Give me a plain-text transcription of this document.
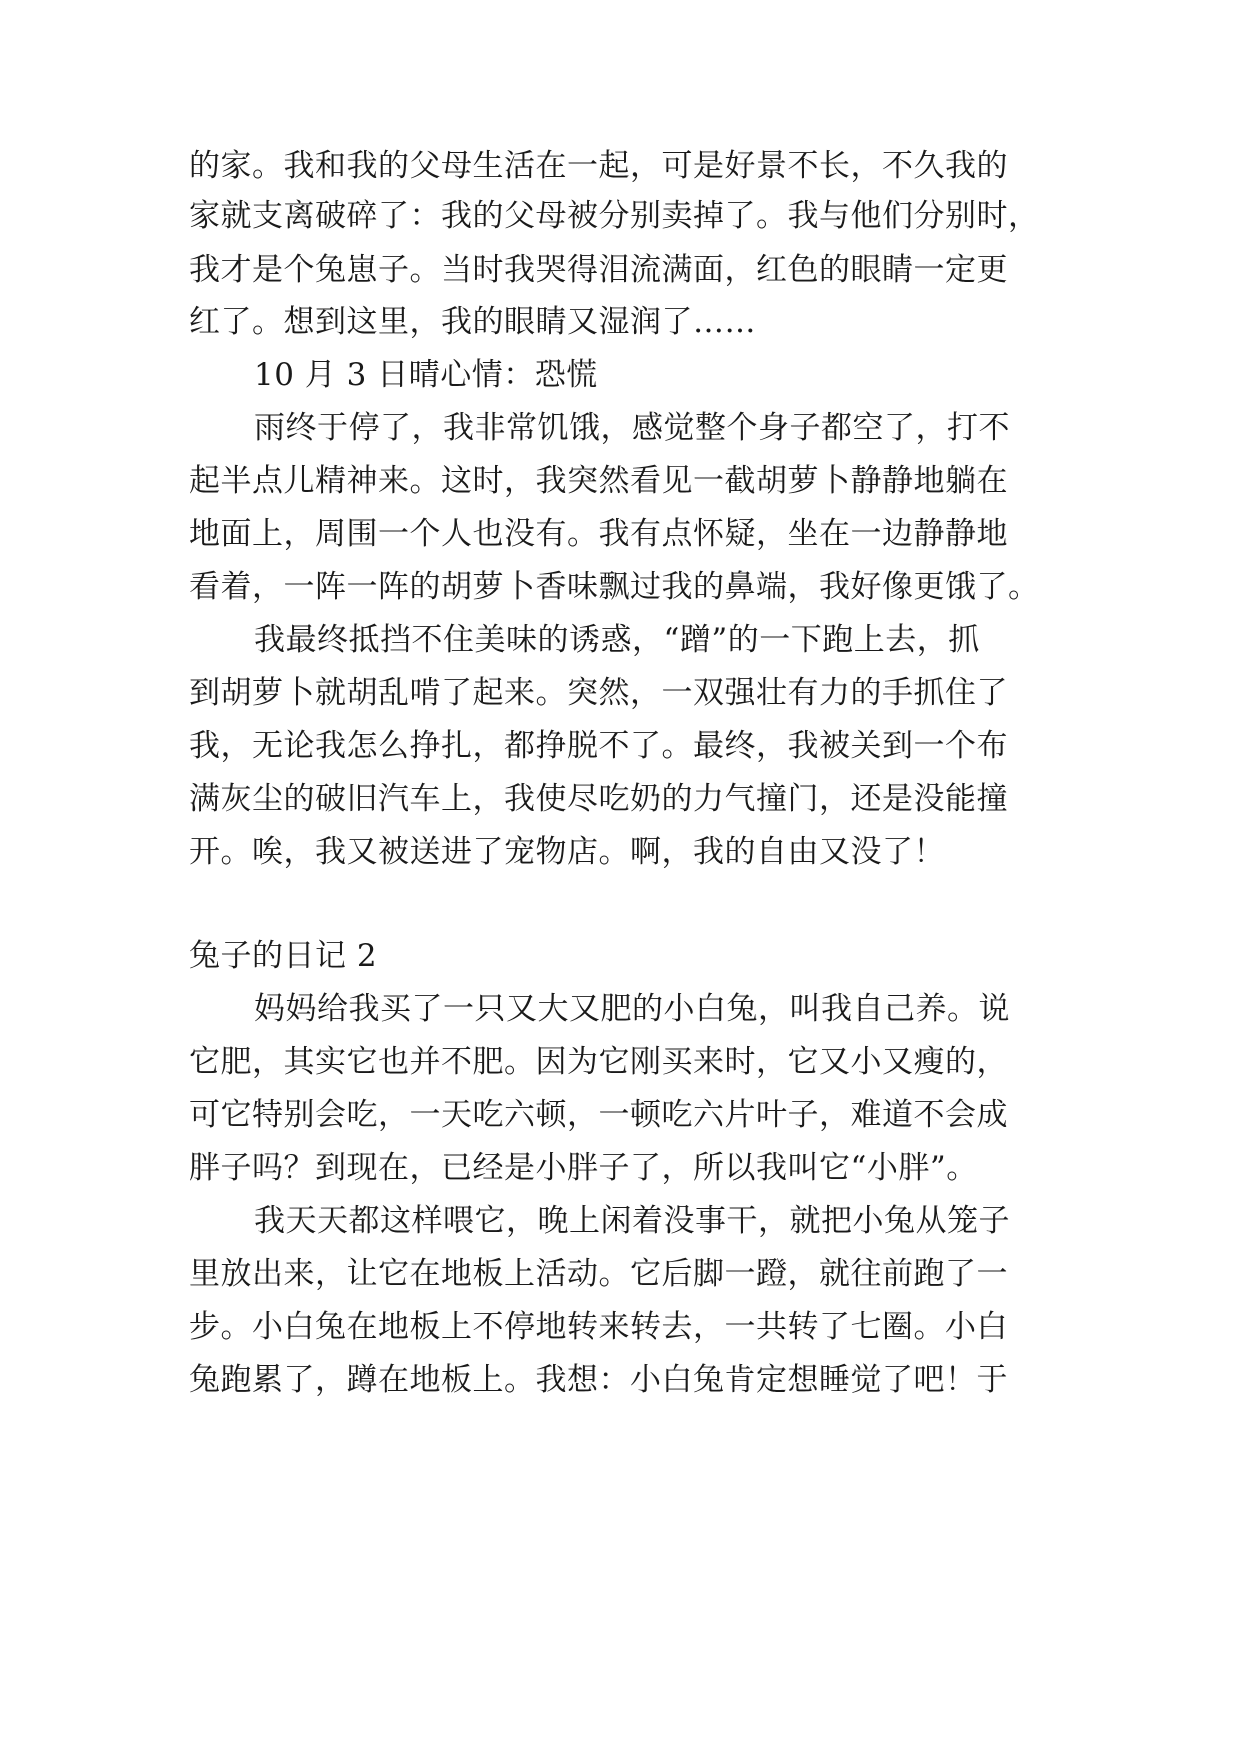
的家。我和我的父母生活在一起，可是好景不长，不久我的
家就支离破碎了：我的父母被分别卖掉了。我与他们分别时，
我才是个兔崽子。当时我哭得泪流满面，红色的眼睛一定更
红了。想到这里，我的眼睛又湿润了……
10 月 3 日晴心情：恐慌
雨终于停了，我非常饥饿，感觉整个身子都空了，打不
起半点儿精神来。这时，我突然看见一截胡萝卜静静地躺在
地面上，周围一个人也没有。我有点怀疑，坐在一边静静地
看着，一阵一阵的胡萝卜香味飘过我的鼻端，我好像更饿了。
我最终抵挡不住美味的诱惑，“蹭”的一下跑上去，抓
到胡萝卜就胡乱啃了起来。突然，一双强壮有力的手抓住了
我，无论我怎么挣扎，都挣脱不了。最终，我被关到一个布
满灰尘的破旧汽车上，我使尽吃奶的力气撞门，还是没能撞
开。唉，我又被送进了宠物店。啊，我的自由又没了！
兔子的日记 2
妈妈给我买了一只又大又肥的小白兔，叫我自己养。说
它肥，其实它也并不肥。因为它刚买来时，它又小又瘦的，
可它特别会吃，一天吃六顿，一顿吃六片叶子，难道不会成
胖子吗？到现在，已经是小胖子了，所以我叫它“小胖”。
我天天都这样喂它，晚上闲着没事干，就把小兔从笼子
里放出来，让它在地板上活动。它后脚一蹬，就往前跑了一
步。小白兔在地板上不停地转来转去，一共转了七圈。小白
兔跑累了，蹲在地板上。我想：小白兔肯定想睡觉了吧！于
